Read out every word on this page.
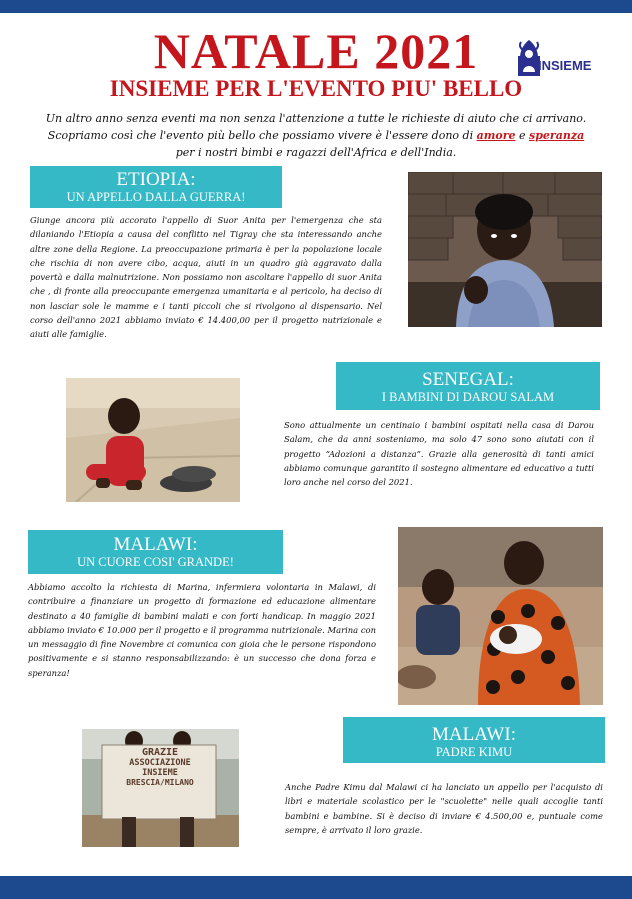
NATALE 2021
INSIEME PER L'EVENTO PIU' BELLO
INSIEME
Un altro anno senza eventi ma non senza l'attenzione a tutte le richieste di aiuto che ci arrivano.
Scopriamo così che l'evento più bello che possiamo vivere è l'essere dono di amore e speranza
per i nostri bimbi e ragazzi dell'Africa e dell'India.
ETIOPIA:
UN APPELLO DALLA GUERRA!

Giunge ancora più accorato l'appello di Suor Anita per l'emergenza che sta dilaniando l'Etiopia a causa del conflitto nel Tigray che sta interessando anche altre zone della Regione. La preoccupazione primaria è per la popolazione locale che rischia di non avere cibo, acqua, aiuti in un quadro già aggravato dalla povertà e dalla malnutrizione. Non possiamo non ascoltare l'appello di suor Anita che , di fronte alla preoccupante emergenza umanitaria e al pericolo, ha deciso di non lasciar sole le mamme e i tanti piccoli che si rivolgono al dispensario. Nel corso dell'anno 2021 abbiamo inviato € 14.400,00 per il progetto nutrizionale e aiuti alle famiglie.

SENEGAL:
I BAMBINI DI DAROU SALAM

Sono attualmente un centinaio i bambini ospitati nella casa di Darou Salam, che da anni sosteniamo, ma solo 47 sono sono aiutati con il progetto “Adozioni a distanza”. Grazie alla generosità di tanti amici abbiamo comunque garantito il sostegno alimentare ed educativo a tutti loro anche nel corso del 2021.

MALAWI:
UN CUORE COSI' GRANDE!

Abbiamo accolto la richiesta di Marina, infermiera volontaria in Malawi, di contribuire a finanziare un progetto di formazione ed educazione alimentare destinato a 40 famiglie di bambini malati e con forti handicap. In maggio 2021 abbiamo inviato € 10.000 per il progetto e il programma nutrizionale. Marina con un messaggio di fine Novembre ci comunica con gioia che le persone rispondono positivamente e si stanno responsabilizzando: è un successo che dona forza e speranza!

GRAZIE
ASSOCIAZIONE
INSIEME
BRESCIA/MILANO
MALAWI:
PADRE KIMU

Anche Padre Kimu dal Malawi ci ha lanciato un appello per l'acquisto di libri e materiale scolastico per le "scuolette" nelle quali accoglie tanti bambini e bambine. Si è deciso di inviare € 4.500,00 e, puntuale come sempre, è arrivato il loro grazie.
